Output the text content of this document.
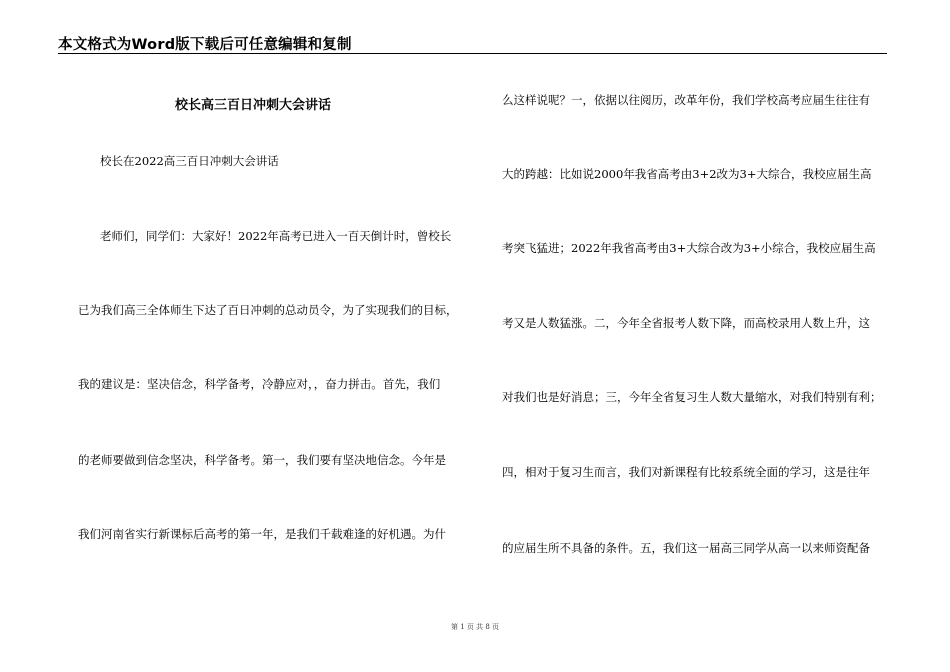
本文格式为Word版下载后可任意编辑和复制
校长高三百日冲刺大会讲话
校长在2022高三百日冲刺大会讲话
老师们，同学们：大家好！2022年高考已进入一百天倒计时，曾校长
已为我们高三全体师生下达了百日冲刺的总动员令，为了实现我们的目标，
我的建议是：坚决信念，科学备考，冷静应对，，奋力拼击。首先，我们
的老师要做到信念坚决，科学备考。第一，我们要有坚决地信念。今年是
我们河南省实行新课标后高考的第一年，是我们千载难逢的好机遇。为什
么这样说呢？一，依据以往阅历，改革年份，我们学校高考应届生往往有
大的跨越：比如说2000年我省高考由3+2改为3+大综合，我校应届生高
考突飞猛进；2022年我省高考由3+大综合改为3+小综合，我校应届生高
考又是人数猛涨。二，今年全省报考人数下降，而高校录用人数上升，这
对我们也是好消息；三，今年全省复习生人数大量缩水，对我们特别有利；
四，相对于复习生而言，我们对新课程有比较系统全面的学习，这是往年
的应届生所不具备的条件。五，我们这一届高三同学从高一以来师资配备
第 1 页 共 8 页
